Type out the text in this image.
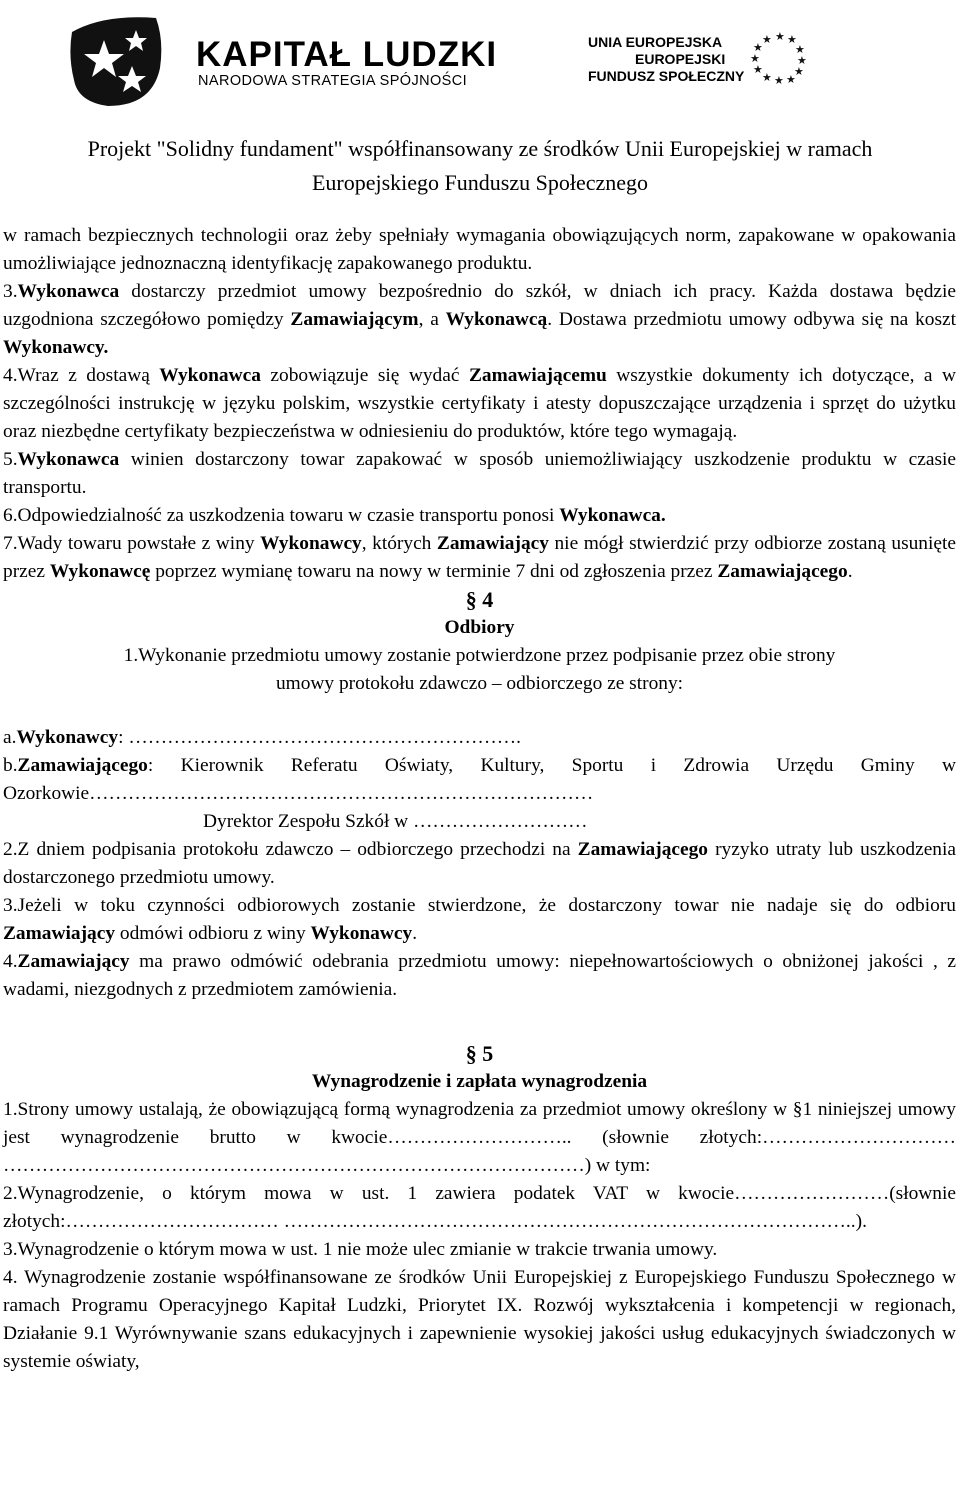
KAPITAŁ LUDZKI
NARODOWA STRATEGIA SPÓJNOŚCI
UNIA EUROPEJSKA
EUROPEJSKI
FUNDUSZ SPOŁECZNY
★ ★
★
★
★
★
★
★
★
★
★
★
Projekt "Solidny fundament" współfinansowany ze środków Unii Europejskiej w ramach
Europejskiego Funduszu Społecznego

w ramach bezpiecznych technologii oraz żeby spełniały wymagania obowiązujących norm, zapakowane w opakowania umożliwiające jednoznaczną identyfikację zapakowanego produktu.

3.Wykonawca dostarczy przedmiot umowy bezpośrednio do szkół, w dniach ich pracy. Każda dostawa będzie uzgodniona szczegółowo pomiędzy Zamawiającym, a Wykonawcą. Dostawa przedmiotu umowy odbywa się na koszt Wykonawcy.

4.Wraz z dostawą Wykonawca zobowiązuje się wydać Zamawiającemu wszystkie dokumenty ich dotyczące, a w szczególności instrukcję w języku polskim, wszystkie certyfikaty i atesty dopuszczające urządzenia i sprzęt do użytku oraz niezbędne certyfikaty bezpieczeństwa w odniesieniu do produktów, które tego wymagają.

5.Wykonawca winien dostarczony towar zapakować w sposób uniemożliwiający uszkodzenie produktu w czasie transportu.

6.Odpowiedzialność za uszkodzenia towaru w czasie transportu ponosi Wykonawca.

7.Wady towaru powstałe z winy Wykonawcy, których Zamawiający nie mógł stwierdzić przy odbiorze zostaną usunięte przez Wykonawcę poprzez wymianę towaru na nowy w terminie 7 dni od zgłoszenia przez Zamawiającego.

§ 4

Odbiory

1.Wykonanie przedmiotu umowy zostanie potwierdzone przez podpisanie przez obie strony

umowy protokołu zdawczo – odbiorczego ze strony:

a.Wykonawcy: …………………………………………………….

b.Zamawiającego: Kierownik Referatu Oświaty, Kultury, Sportu i Zdrowia Urzędu Gminy w Ozorkowie……………………………………………………………………

Dyrektor Zespołu Szkół w ………………………

2.Z dniem podpisania protokołu zdawczo – odbiorczego przechodzi na Zamawiającego ryzyko utraty lub uszkodzenia dostarczonego przedmiotu umowy.

3.Jeżeli w toku czynności odbiorowych zostanie stwierdzone, że dostarczony towar nie nadaje się do odbioru Zamawiający odmówi odbioru z winy Wykonawcy.

4.Zamawiający ma prawo odmówić odebrania przedmiotu umowy: niepełnowartościowych o obniżonej jakości , z wadami, niezgodnych z przedmiotem zamówienia.

§ 5

Wynagrodzenie i zapłata wynagrodzenia

1.Strony umowy ustalają, że obowiązującą formą wynagrodzenia za przedmiot umowy określony w §1 niniejszej umowy jest wynagrodzenie brutto w kwocie……………………….. (słownie złotych:………………………… ………………………………………………………………………………) w tym:

2.Wynagrodzenie, o którym mowa w ust. 1 zawiera podatek VAT w kwocie……………………(słownie złotych:…………………………… ……………………………………………………………………………..).

3.Wynagrodzenie o którym mowa w ust. 1 nie może ulec zmianie w trakcie trwania umowy.

4. Wynagrodzenie zostanie współfinansowane ze środków Unii Europejskiej z Europejskiego Funduszu Społecznego w ramach Programu Operacyjnego Kapitał Ludzki, Priorytet IX. Rozwój wykształcenia i kompetencji w regionach, Działanie 9.1 Wyrównywanie szans edukacyjnych i zapewnienie wysokiej jakości usług edukacyjnych świadczonych w systemie oświaty,
